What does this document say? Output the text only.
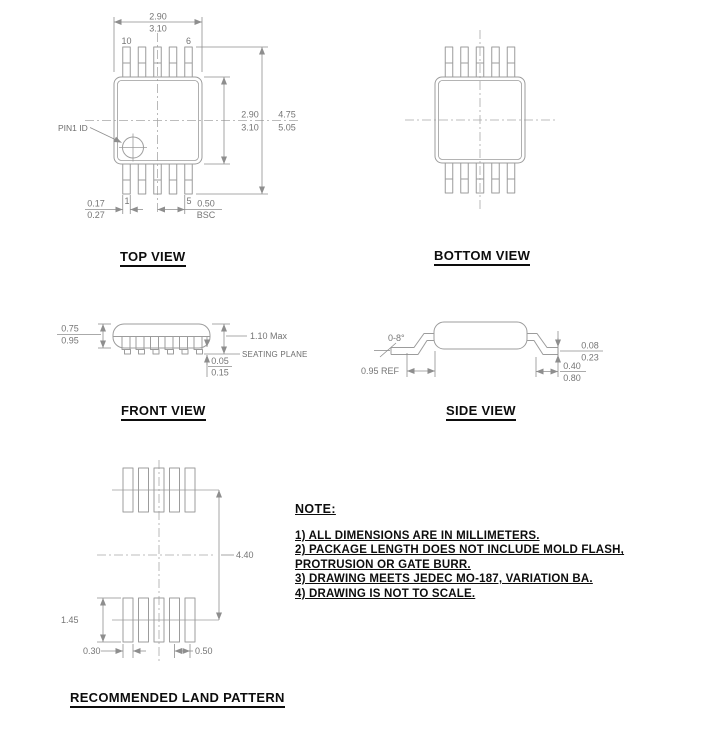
PIN1 ID
10	6
1	5
2.90
3.10
2.90
3.10
4.75
5.05
0.17
0.27
0.50
BSC
0.75
0.95	1.10 Max
SEATING PLANE
0.05
0.15
0-8°
0.95 REF
0.08
0.23
0.40
0.80
4.40
1.45
0.30	0.50
TOP VIEW	BOTTOM VIEW
FRONT VIEW	SIDE VIEW
RECOMMENDED LAND PATTERN

NOTE:

1) ALL DIMENSIONS ARE IN MILLIMETERS.

2) PACKAGE LENGTH DOES NOT INCLUDE MOLD FLASH, PROTRUSION OR GATE BURR.

3) DRAWING MEETS JEDEC MO-187, VARIATION BA.

4) DRAWING IS NOT TO SCALE.
